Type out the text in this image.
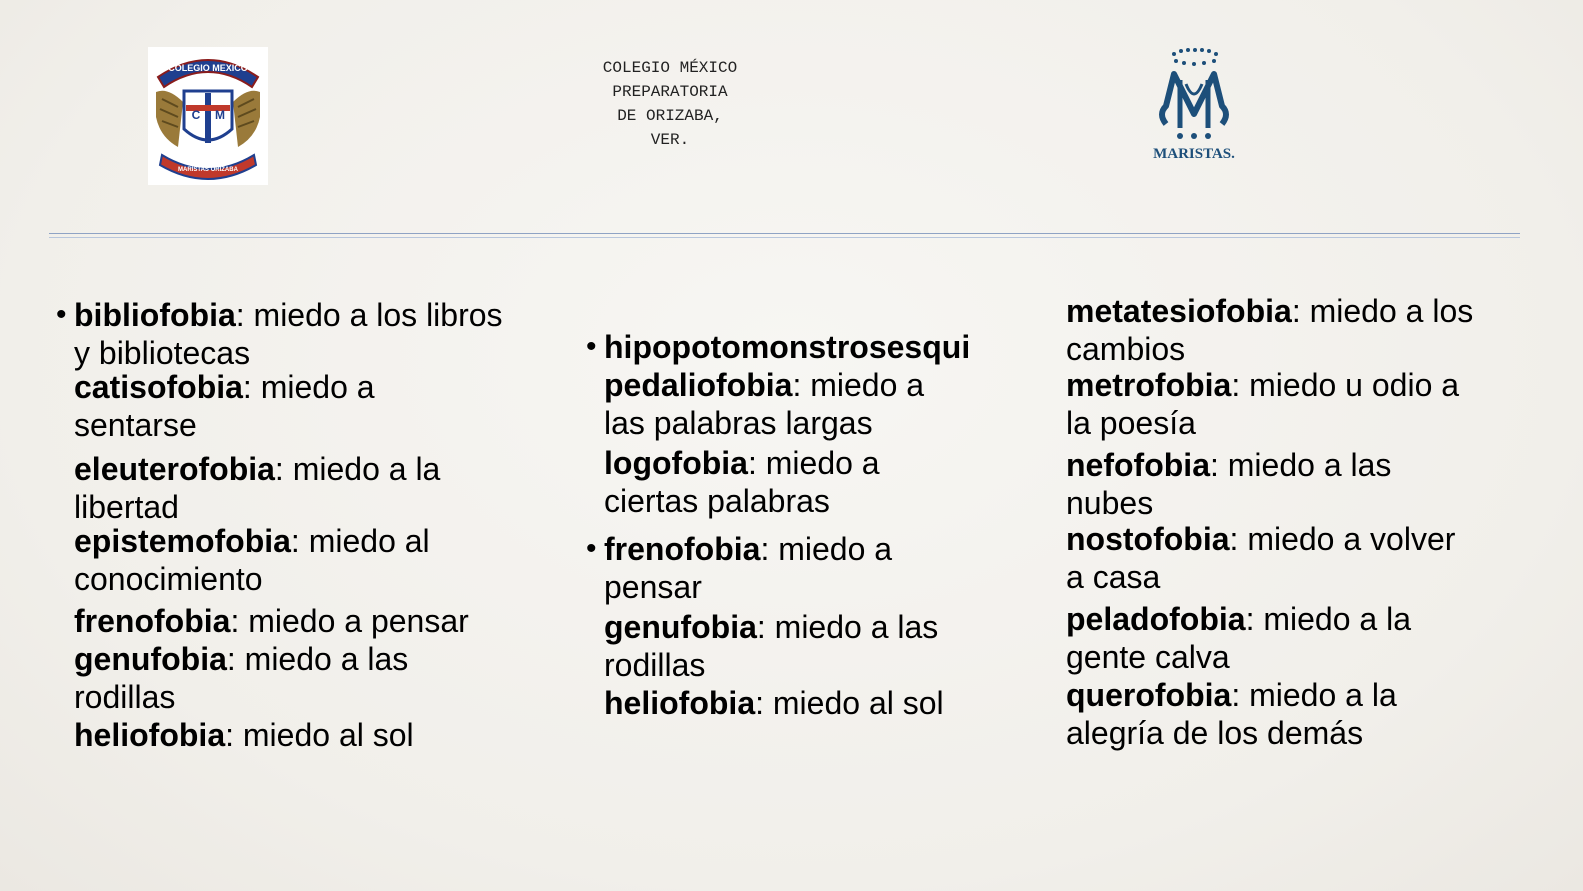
COLEGIO MEXICO
C M
MARISTAS ORIZABA
COLEGIO MÉXICO
PREPARATORIA
DE ORIZABA,
VER.
MARISTAS.
• bibliofobia: miedo a los libros
y bibliotecas
catisofobia: miedo a
sentarse
eleuterofobia: miedo a la
libertad
epistemofobia: miedo al
conocimiento
frenofobia: miedo a pensar
genufobia: miedo a las
rodillas
heliofobia: miedo al sol
• hipopotomonstrosesqui
pedaliofobia: miedo a
las palabras largas
logofobia: miedo a
ciertas palabras
• frenofobia: miedo a
pensar
genufobia: miedo a las
rodillas
heliofobia: miedo al sol
metatesiofobia: miedo a los
cambios
metrofobia: miedo u odio a
la poesía
nefofobia: miedo a las
nubes
nostofobia: miedo a volver
a casa
peladofobia: miedo a la
gente calva
querofobia: miedo a la
alegría de los demás
